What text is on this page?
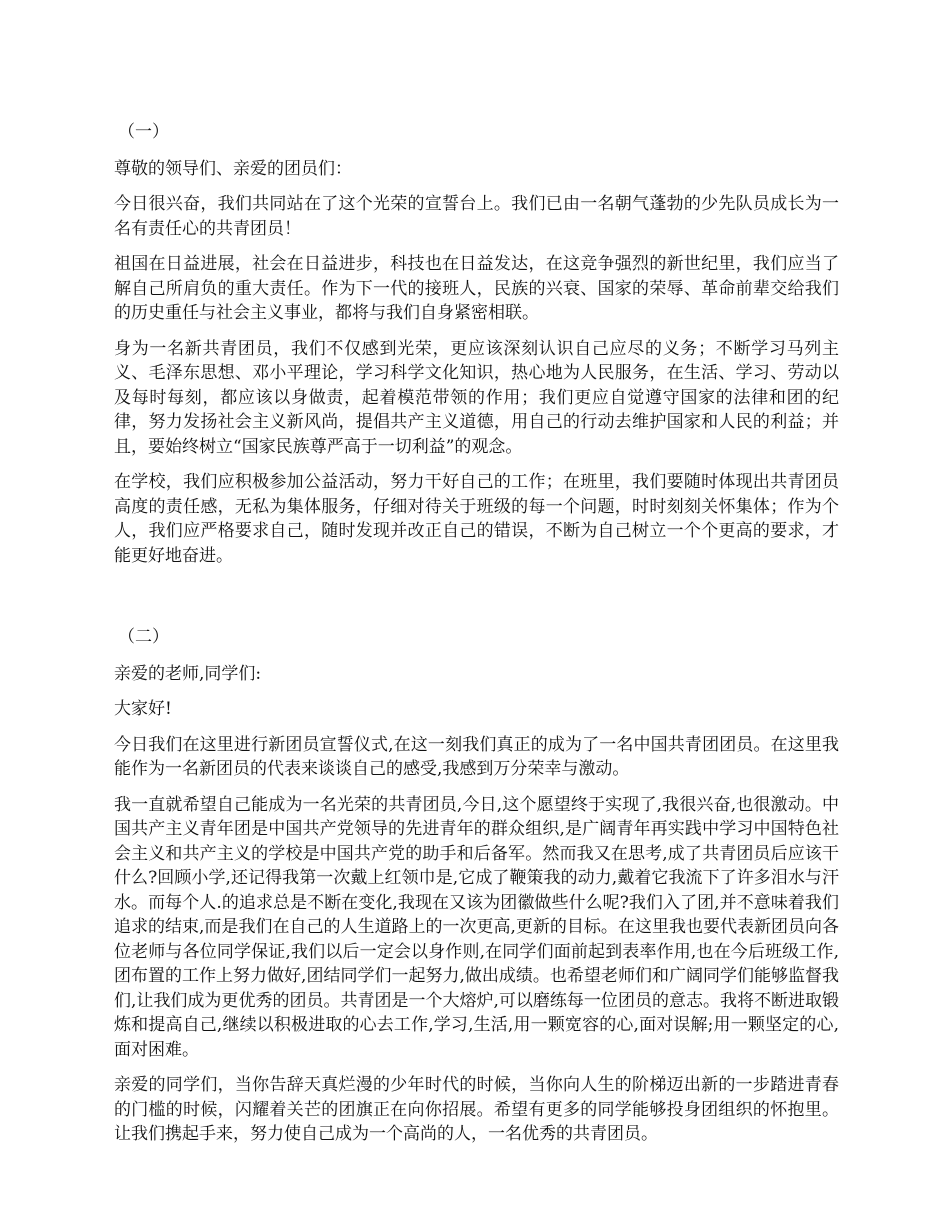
（一）

尊敬的领导们、亲爱的团员们：

今日很兴奋，我们共同站在了这个光荣的宣誓台上。我们已由一名朝气蓬勃的少先队员成长为一名有责任心的共青团员！

祖国在日益进展，社会在日益进步，科技也在日益发达，在这竞争强烈的新世纪里，我们应当了解自己所肩负的重大责任。作为下一代的接班人，民族的兴衰、国家的荣辱、革命前辈交给我们的历史重任与社会主义事业，都将与我们自身紧密相联。

身为一名新共青团员，我们不仅感到光荣，更应该深刻认识自己应尽的义务；不断学习马列主义、毛泽东思想、邓小平理论，学习科学文化知识，热心地为人民服务，在生活、学习、劳动以及每时每刻，都应该以身做责，起着模范带领的作用；我们更应自觉遵守国家的法律和团的纪律，努力发扬社会主义新风尚，提倡共产主义道德，用自己的行动去维护国家和人民的利益；并且，要始终树立“国家民族尊严高于一切利益”的观念。

在学校，我们应积极参加公益活动，努力干好自己的工作；在班里，我们要随时体现出共青团员高度的责任感，无私为集体服务，仔细对待关于班级的每一个问题，时时刻刻关怀集体；作为个人，我们应严格要求自己，随时发现并改正自己的错误，不断为自己树立一个个更高的要求，才能更好地奋进。

（二）

亲爱的老师,同学们:

大家好!

今日我们在这里进行新团员宣誓仪式,在这一刻我们真正的成为了一名中国共青团团员。在这里我能作为一名新团员的代表来谈谈自己的感受,我感到万分荣幸与激动。

我一直就希望自己能成为一名光荣的共青团员,今日,这个愿望终于实现了,我很兴奋,也很激动。中国共产主义青年团是中国共产党领导的先进青年的群众组织,是广阔青年再实践中学习中国特色社会主义和共产主义的学校是中国共产党的助手和后备军。然而我又在思考,成了共青团员后应该干什么?回顾小学,还记得我第一次戴上红领巾是,它成了鞭策我的动力,戴着它我流下了许多泪水与汗水。而每个人.的追求总是不断在变化,我现在又该为团徽做些什么呢?我们入了团,并不意味着我们追求的结束,而是我们在自己的人生道路上的一次更高,更新的目标。在这里我也要代表新团员向各位老师与各位同学保证,我们以后一定会以身作则,在同学们面前起到表率作用,也在今后班级工作,团布置的工作上努力做好,团结同学们一起努力,做出成绩。也希望老师们和广阔同学们能够监督我们,让我们成为更优秀的团员。共青团是一个大熔炉,可以磨练每一位团员的意志。我将不断进取锻炼和提高自己,继续以积极进取的心去工作,学习,生活,用一颗宽容的心,面对误解;用一颗坚定的心,面对困难。

亲爱的同学们，当你告辞天真烂漫的少年时代的时候，当你向人生的阶梯迈出新的一步踏进青春的门槛的时候，闪耀着关芒的团旗正在向你招展。希望有更多的同学能够投身团组织的怀抱里。让我们携起手来，努力使自己成为一个高尚的人，一名优秀的共青团员。
